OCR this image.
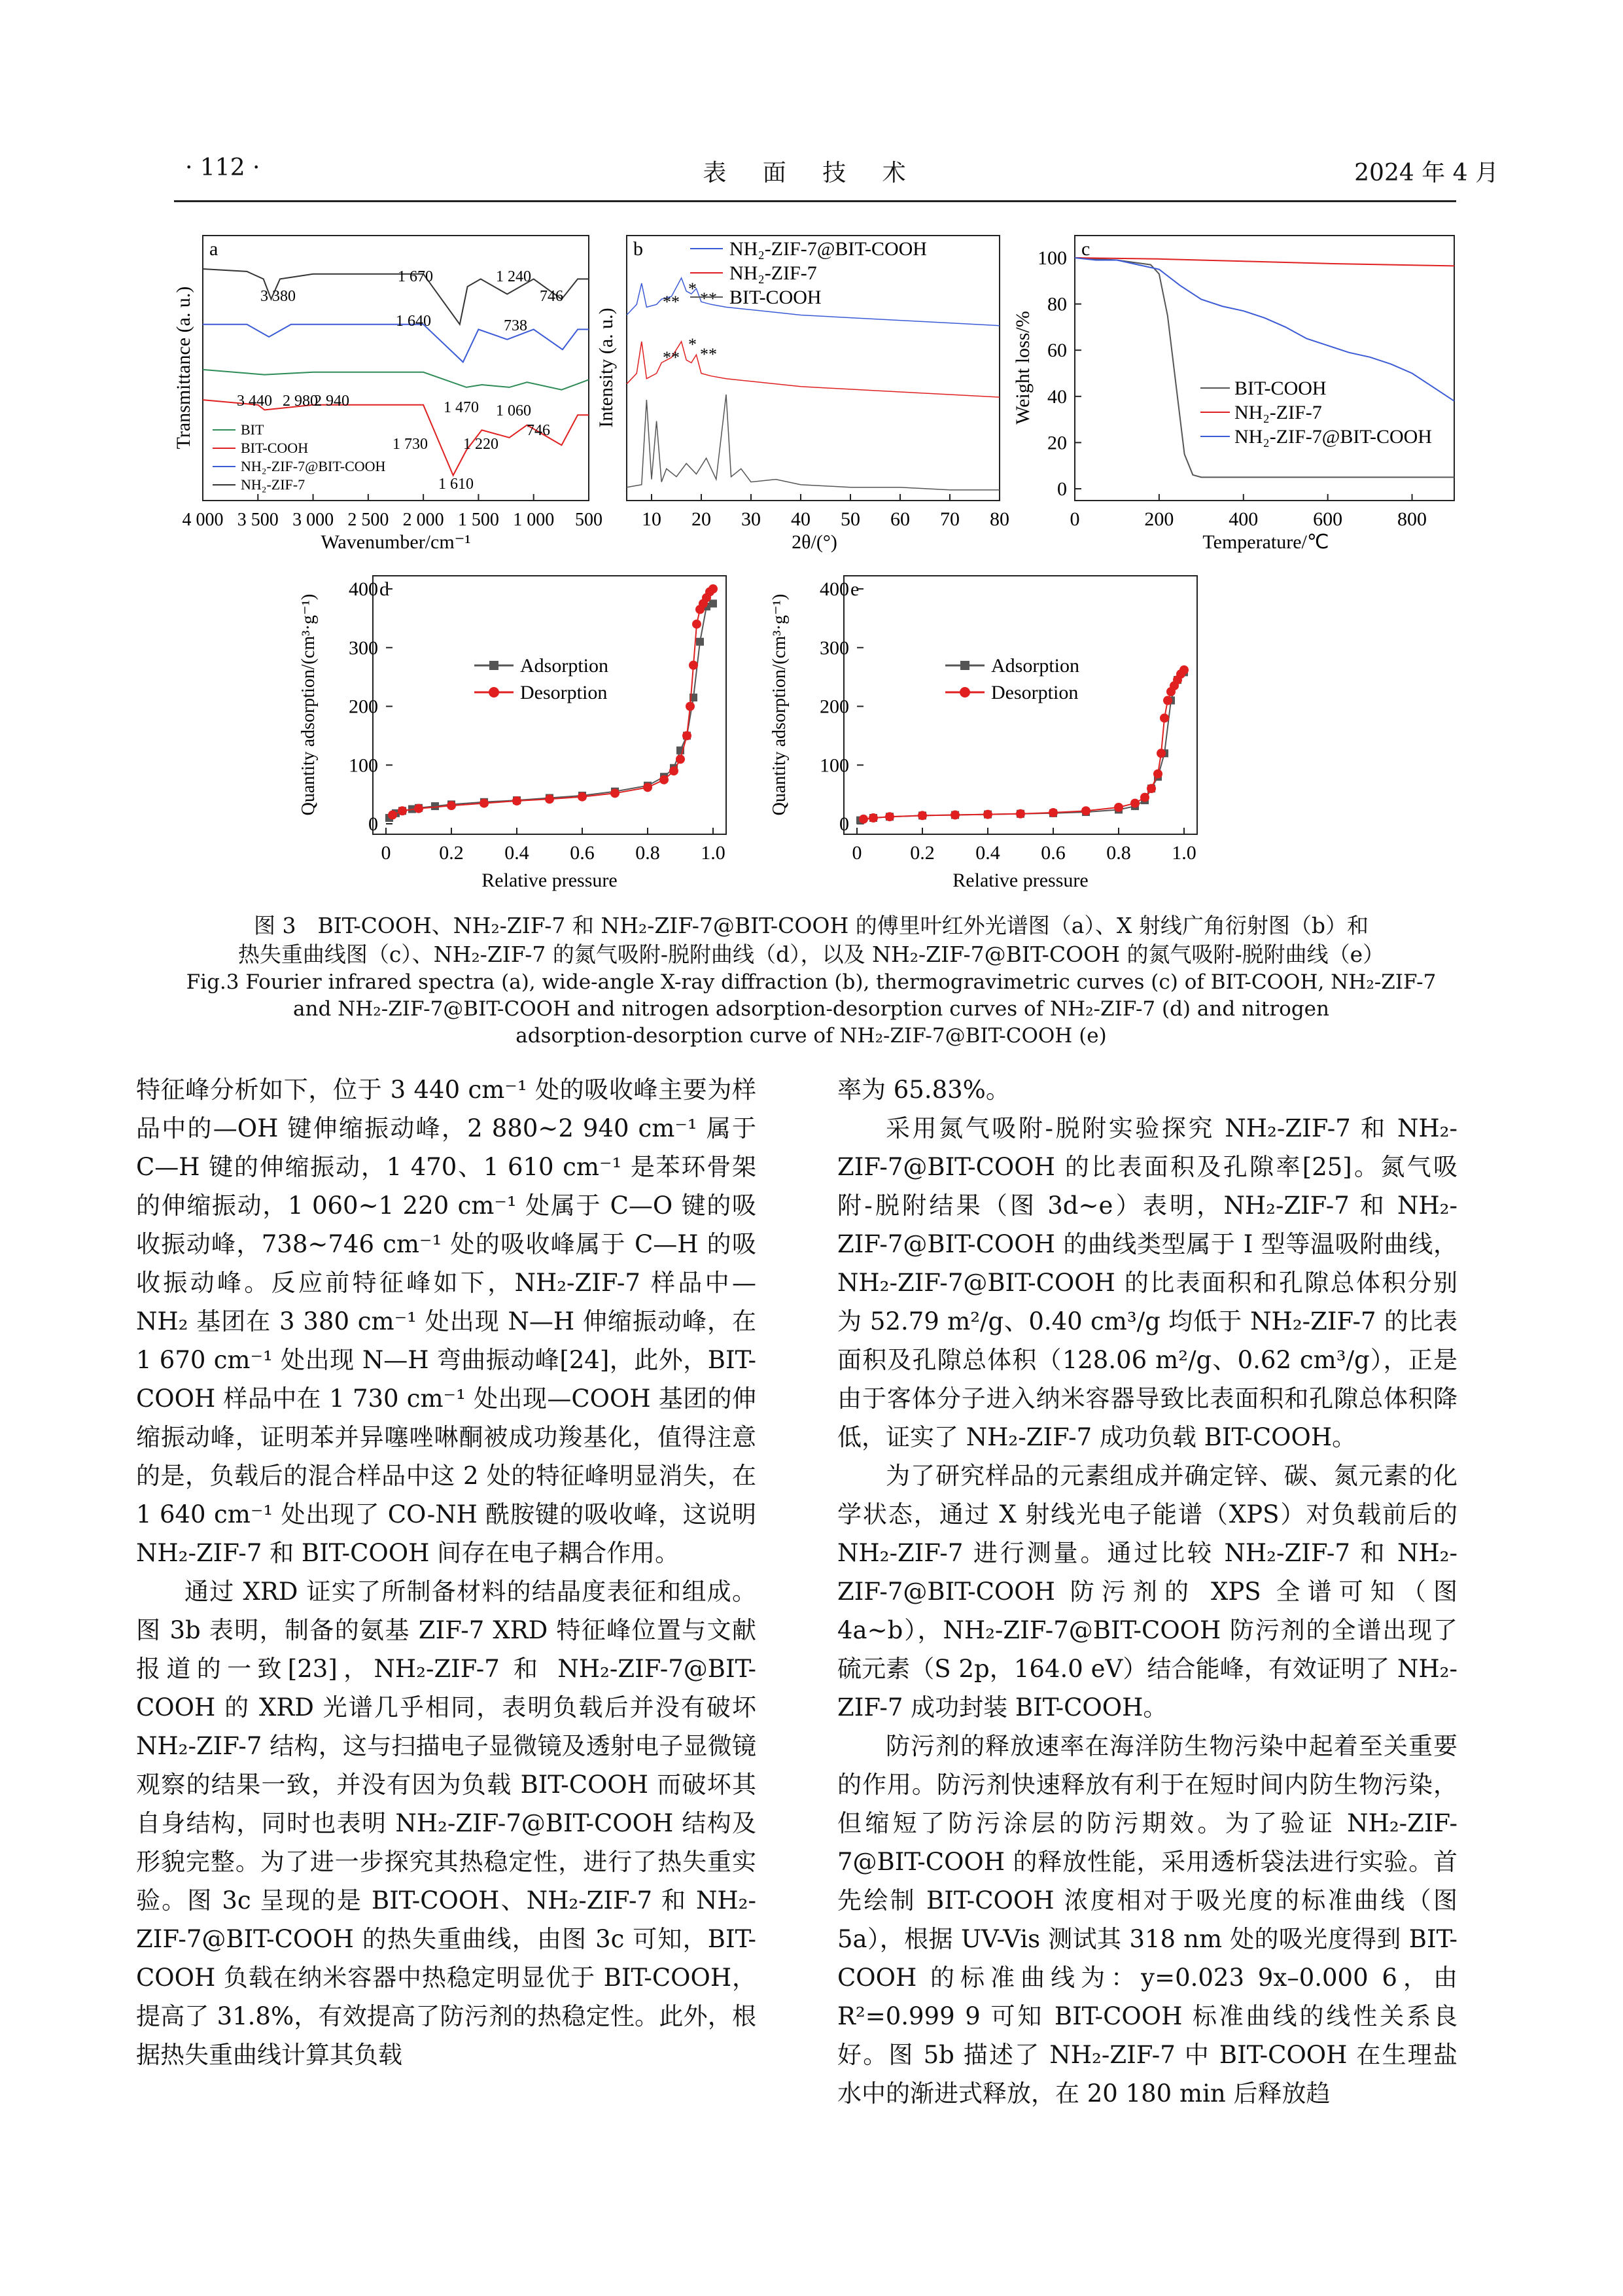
· 112 ·	表 面 技 术	2024 年 4 月
a
Wavenumber/cm⁻¹
Transmittance (a. u.)
4 000 3 500 3 000 2 500 2 000 1 500 1 000 500
3 380
1 670	1 240
746
1 640	738
3 440 2 980
2 940	1 470 1 060
1 730 1 220
746
1 610
BIT
BIT-COOH
NH₂-ZIF-7@BIT-COOH
NH₂-ZIF-7
b
2θ/(°)
Intensity (a. u.)
10 20 30 40 50 60 70 80
**
*
**
**
*
**
NH₂-ZIF-7@BIT-COOH
NH₂-ZIF-7
BIT-COOH
c
Temperature/℃
Weight loss/%
0	200	400	600	800
0
20
40
60
80
100
BIT-COOH
NH₂-ZIF-7
NH₂-ZIF-7@BIT-COOH
d
Relative pressure
Quantity adsorption/(cm³·g⁻¹)
0 0.2 0.4 0.6 0.8 1.0
0
100
200
300
400
Adsorption
Desorption
e
Relative pressure
Quantity adsorption/(cm³·g⁻¹)
0 0.2 0.4 0.6 0.8 1.0
0
100
200
300
400
Adsorption
Desorption
图 3　BIT-COOH、NH₂-ZIF-7 和 NH₂-ZIF-7@BIT-COOH 的傅里叶红外光谱图（a）、X 射线广角衍射图（b）和
热失重曲线图（c）、NH₂-ZIF-7 的氮气吸附-脱附曲线（d），以及 NH₂-ZIF-7@BIT-COOH 的氮气吸附-脱附曲线（e）
Fig.3 Fourier infrared spectra (a), wide-angle X-ray diffraction (b), thermogravimetric curves (c) of BIT-COOH, NH₂-ZIF-7
and NH₂-ZIF-7@BIT-COOH and nitrogen adsorption-desorption curves of NH₂-ZIF-7 (d) and nitrogen
adsorption-desorption curve of NH₂-ZIF-7@BIT-COOH (e)

特征峰分析如下，位于 3 440 cm⁻¹ 处的吸收峰主要为样品中的—OH 键伸缩振动峰，2 880~2 940 cm⁻¹ 属于 C—H 键的伸缩振动，1 470、1 610 cm⁻¹ 是苯环骨架的伸缩振动，1 060~1 220 cm⁻¹ 处属于 C—O 键的吸收振动峰，738~746 cm⁻¹ 处的吸收峰属于 C—H 的吸收振动峰。反应前特征峰如下，NH₂-ZIF-7 样品中—NH₂ 基团在 3 380 cm⁻¹ 处出现 N—H 伸缩振动峰，在 1 670 cm⁻¹ 处出现 N—H 弯曲振动峰[24]，此外，BIT-COOH 样品中在 1 730 cm⁻¹ 处出现—COOH 基团的伸缩振动峰，证明苯并异噻唑啉酮被成功羧基化，值得注意的是，负载后的混合样品中这 2 处的特征峰明显消失，在 1 640 cm⁻¹ 处出现了 CO-NH 酰胺键的吸收峰，这说明 NH₂-ZIF-7 和 BIT-COOH 间存在电子耦合作用。

通过 XRD 证实了所制备材料的结晶度表征和组成。图 3b 表明，制备的氨基 ZIF-7 XRD 特征峰位置与文献报道的一致[23]，NH₂-ZIF-7 和 NH₂-ZIF-7@BIT-COOH 的 XRD 光谱几乎相同，表明负载后并没有破坏 NH₂-ZIF-7 结构，这与扫描电子显微镜及透射电子显微镜观察的结果一致，并没有因为负载 BIT-COOH 而破坏其自身结构，同时也表明 NH₂-ZIF-7@BIT-COOH 结构及形貌完整。为了进一步探究其热稳定性，进行了热失重实验。图 3c 呈现的是 BIT-COOH、NH₂-ZIF-7 和 NH₂-ZIF-7@BIT-COOH 的热失重曲线，由图 3c 可知，BIT-COOH 负载在纳米容器中热稳定明显优于 BIT-COOH，提高了 31.8%，有效提高了防污剂的热稳定性。此外，根据热失重曲线计算其负载

率为 65.83%。

采用氮气吸附-脱附实验探究 NH₂-ZIF-7 和 NH₂-ZIF-7@BIT-COOH 的比表面积及孔隙率[25]。氮气吸附-脱附结果（图 3d~e）表明，NH₂-ZIF-7 和 NH₂-ZIF-7@BIT-COOH 的曲线类型属于 I 型等温吸附曲线，NH₂-ZIF-7@BIT-COOH 的比表面积和孔隙总体积分别为 52.79 m²/g、0.40 cm³/g 均低于 NH₂-ZIF-7 的比表面积及孔隙总体积（128.06 m²/g、0.62 cm³/g），正是由于客体分子进入纳米容器导致比表面积和孔隙总体积降低，证实了 NH₂-ZIF-7 成功负载 BIT-COOH。

为了研究样品的元素组成并确定锌、碳、氮元素的化学状态，通过 X 射线光电子能谱（XPS）对负载前后的 NH₂-ZIF-7 进行测量。通过比较 NH₂-ZIF-7 和 NH₂-ZIF-7@BIT-COOH 防污剂的 XPS 全谱可知（图 4a~b），NH₂-ZIF-7@BIT-COOH 防污剂的全谱出现了硫元素（S 2p，164.0 eV）结合能峰，有效证明了 NH₂-ZIF-7 成功封装 BIT-COOH。

防污剂的释放速率在海洋防生物污染中起着至关重要的作用。防污剂快速释放有利于在短时间内防生物污染，但缩短了防污涂层的防污期效。为了验证 NH₂-ZIF-7@BIT-COOH 的释放性能，采用透析袋法进行实验。首先绘制 BIT-COOH 浓度相对于吸光度的标准曲线（图 5a），根据 UV-Vis 测试其 318 nm 处的吸光度得到 BIT-COOH 的标准曲线为：y=0.023 9x–0.000 6，由 R²=0.999 9 可知 BIT-COOH 标准曲线的线性关系良好。图 5b 描述了 NH₂-ZIF-7 中 BIT-COOH 在生理盐水中的渐进式释放，在 20 180 min 后释放趋
